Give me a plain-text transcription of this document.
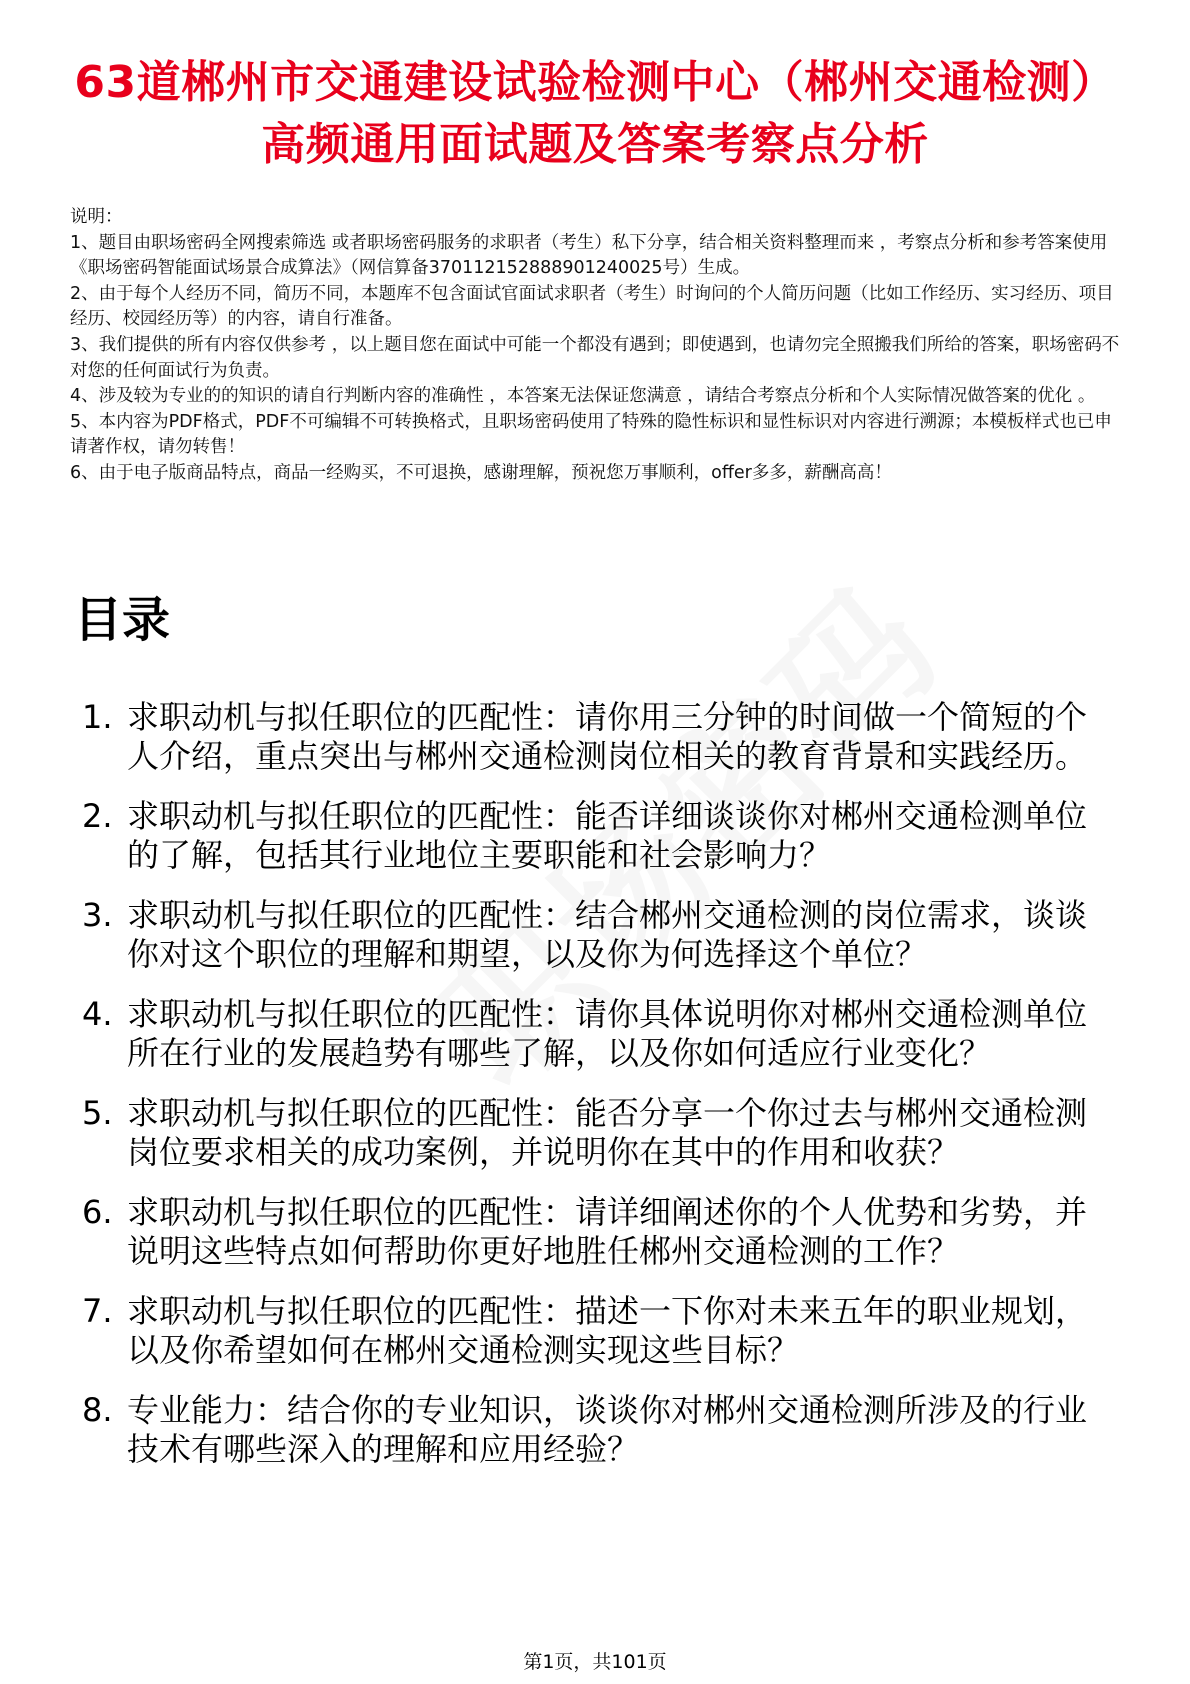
63道郴州市交通建设试验检测中心（郴州交通检测）高频通用面试题及答案考察点分析

说明：

1、题目由职场密码全网搜索筛选 或者职场密码服务的求职者（考生）私下分享，结合相关资料整理而来 ，考察点分析和参考答案使用《职场密码智能面试场景合成算法》（网信算备370112152888901240025号）生成。

2、由于每个人经历不同，简历不同，本题库不包含面试官面试求职者（考生）时询问的个人简历问题（比如工作经历、实习经历、项目经历、校园经历等）的内容，请自行准备。

3、我们提供的所有内容仅供参考 ，以上题目您在面试中可能一个都没有遇到；即使遇到，也请勿完全照搬我们所给的答案，职场密码不对您的任何面试行为负责。

4、涉及较为专业的的知识的请自行判断内容的准确性 ，本答案无法保证您满意 ，请结合考察点分析和个人实际情况做答案的优化 。

5、本内容为PDF格式，PDF不可编辑不可转换格式，且职场密码使用了特殊的隐性标识和显性标识对内容进行溯源；本模板样式也已申请著作权，请勿转售！

6、由于电子版商品特点，商品一经购买，不可退换，感谢理解，预祝您万事顺利，offer多多，薪酬高高！

目录
1. 求职动机与拟任职位的匹配性：请你用三分钟的时间做一个简短的个人介绍，重点突出与郴州交通检测岗位相关的教育背景和实践经历。
2. 求职动机与拟任职位的匹配性：能否详细谈谈你对郴州交通检测单位的了解，包括其行业地位主要职能和社会影响力？
3. 求职动机与拟任职位的匹配性：结合郴州交通检测的岗位需求，谈谈你对这个职位的理解和期望，以及你为何选择这个单位？
4. 求职动机与拟任职位的匹配性：请你具体说明你对郴州交通检测单位所在行业的发展趋势有哪些了解，以及你如何适应行业变化？
5. 求职动机与拟任职位的匹配性：能否分享一个你过去与郴州交通检测岗位要求相关的成功案例，并说明你在其中的作用和收获？
6. 求职动机与拟任职位的匹配性：请详细阐述你的个人优势和劣势，并说明这些特点如何帮助你更好地胜任郴州交通检测的工作？
7. 求职动机与拟任职位的匹配性：描述一下你对未来五年的职业规划，以及你希望如何在郴州交通检测实现这些目标？
8. 专业能力：结合你的专业知识，谈谈你对郴州交通检测所涉及的行业技术有哪些深入的理解和应用经验？
第1页，共101页
